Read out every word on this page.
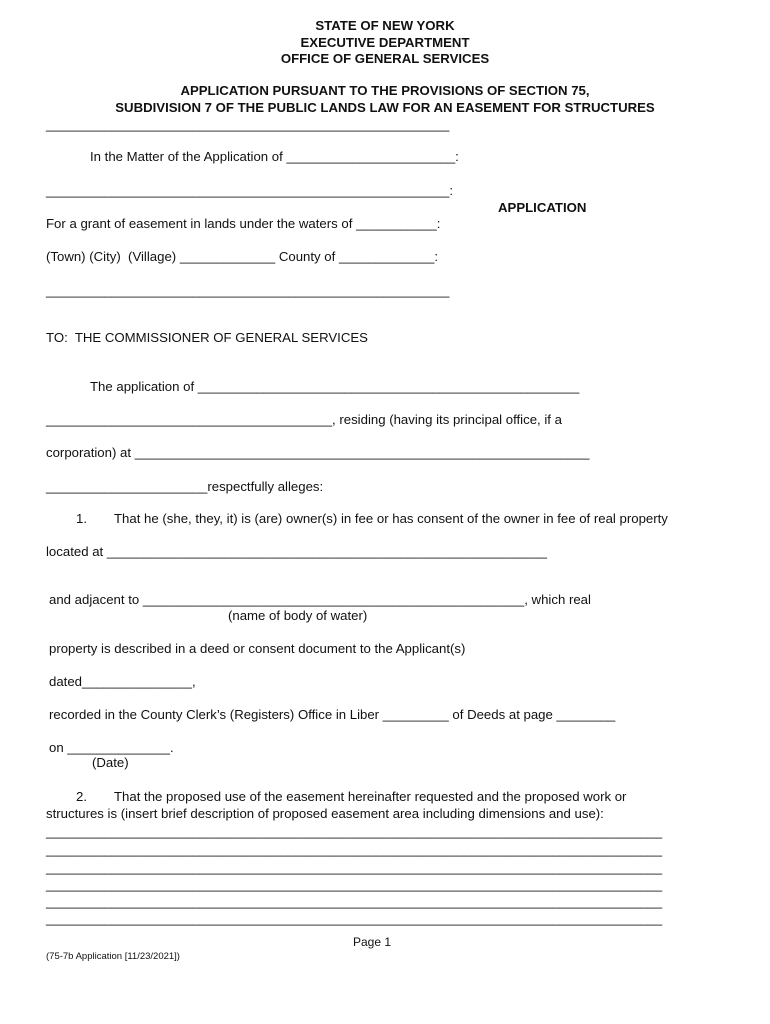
STATE OF NEW YORK
EXECUTIVE DEPARTMENT
OFFICE OF GENERAL SERVICES
APPLICATION PURSUANT TO THE PROVISIONS OF SECTION 75,
SUBDIVISION 7 OF THE PUBLIC LANDS LAW FOR AN EASEMENT FOR STRUCTURES
_______________________________________________________
In the Matter of the Application of _______________________:
_______________________________________________________:
APPLICATION
For a grant of easement in lands under the waters of ___________:
(Town) (City)  (Village) _____________ County of _____________:
_______________________________________________________
TO:  THE COMMISSIONER OF GENERAL SERVICES
The application of ____________________________________________________
_______________________________________, residing (having its principal office, if a
corporation) at ______________________________________________________________
______________________respectfully alleges:
1. That he (she, they, it) is (are) owner(s) in fee or has consent of the owner in fee of real property
located at ____________________________________________________________
and adjacent to ____________________________________________________, which real
(name of body of water)
property is described in a deed or consent document to the Applicant(s)
dated_______________,
recorded in the County Clerk’s (Registers) Office in Liber _________ of Deeds at page ________
on ______________.
(Date)
2. That the proposed use of the easement hereinafter requested and the proposed work or
structures is (insert brief description of proposed easement area including dimensions and use):
____________________________________________________________________________________
____________________________________________________________________________________
____________________________________________________________________________________
____________________________________________________________________________________
____________________________________________________________________________________
____________________________________________________________________________________
Page 1
(75-7b Application [11/23/2021])
